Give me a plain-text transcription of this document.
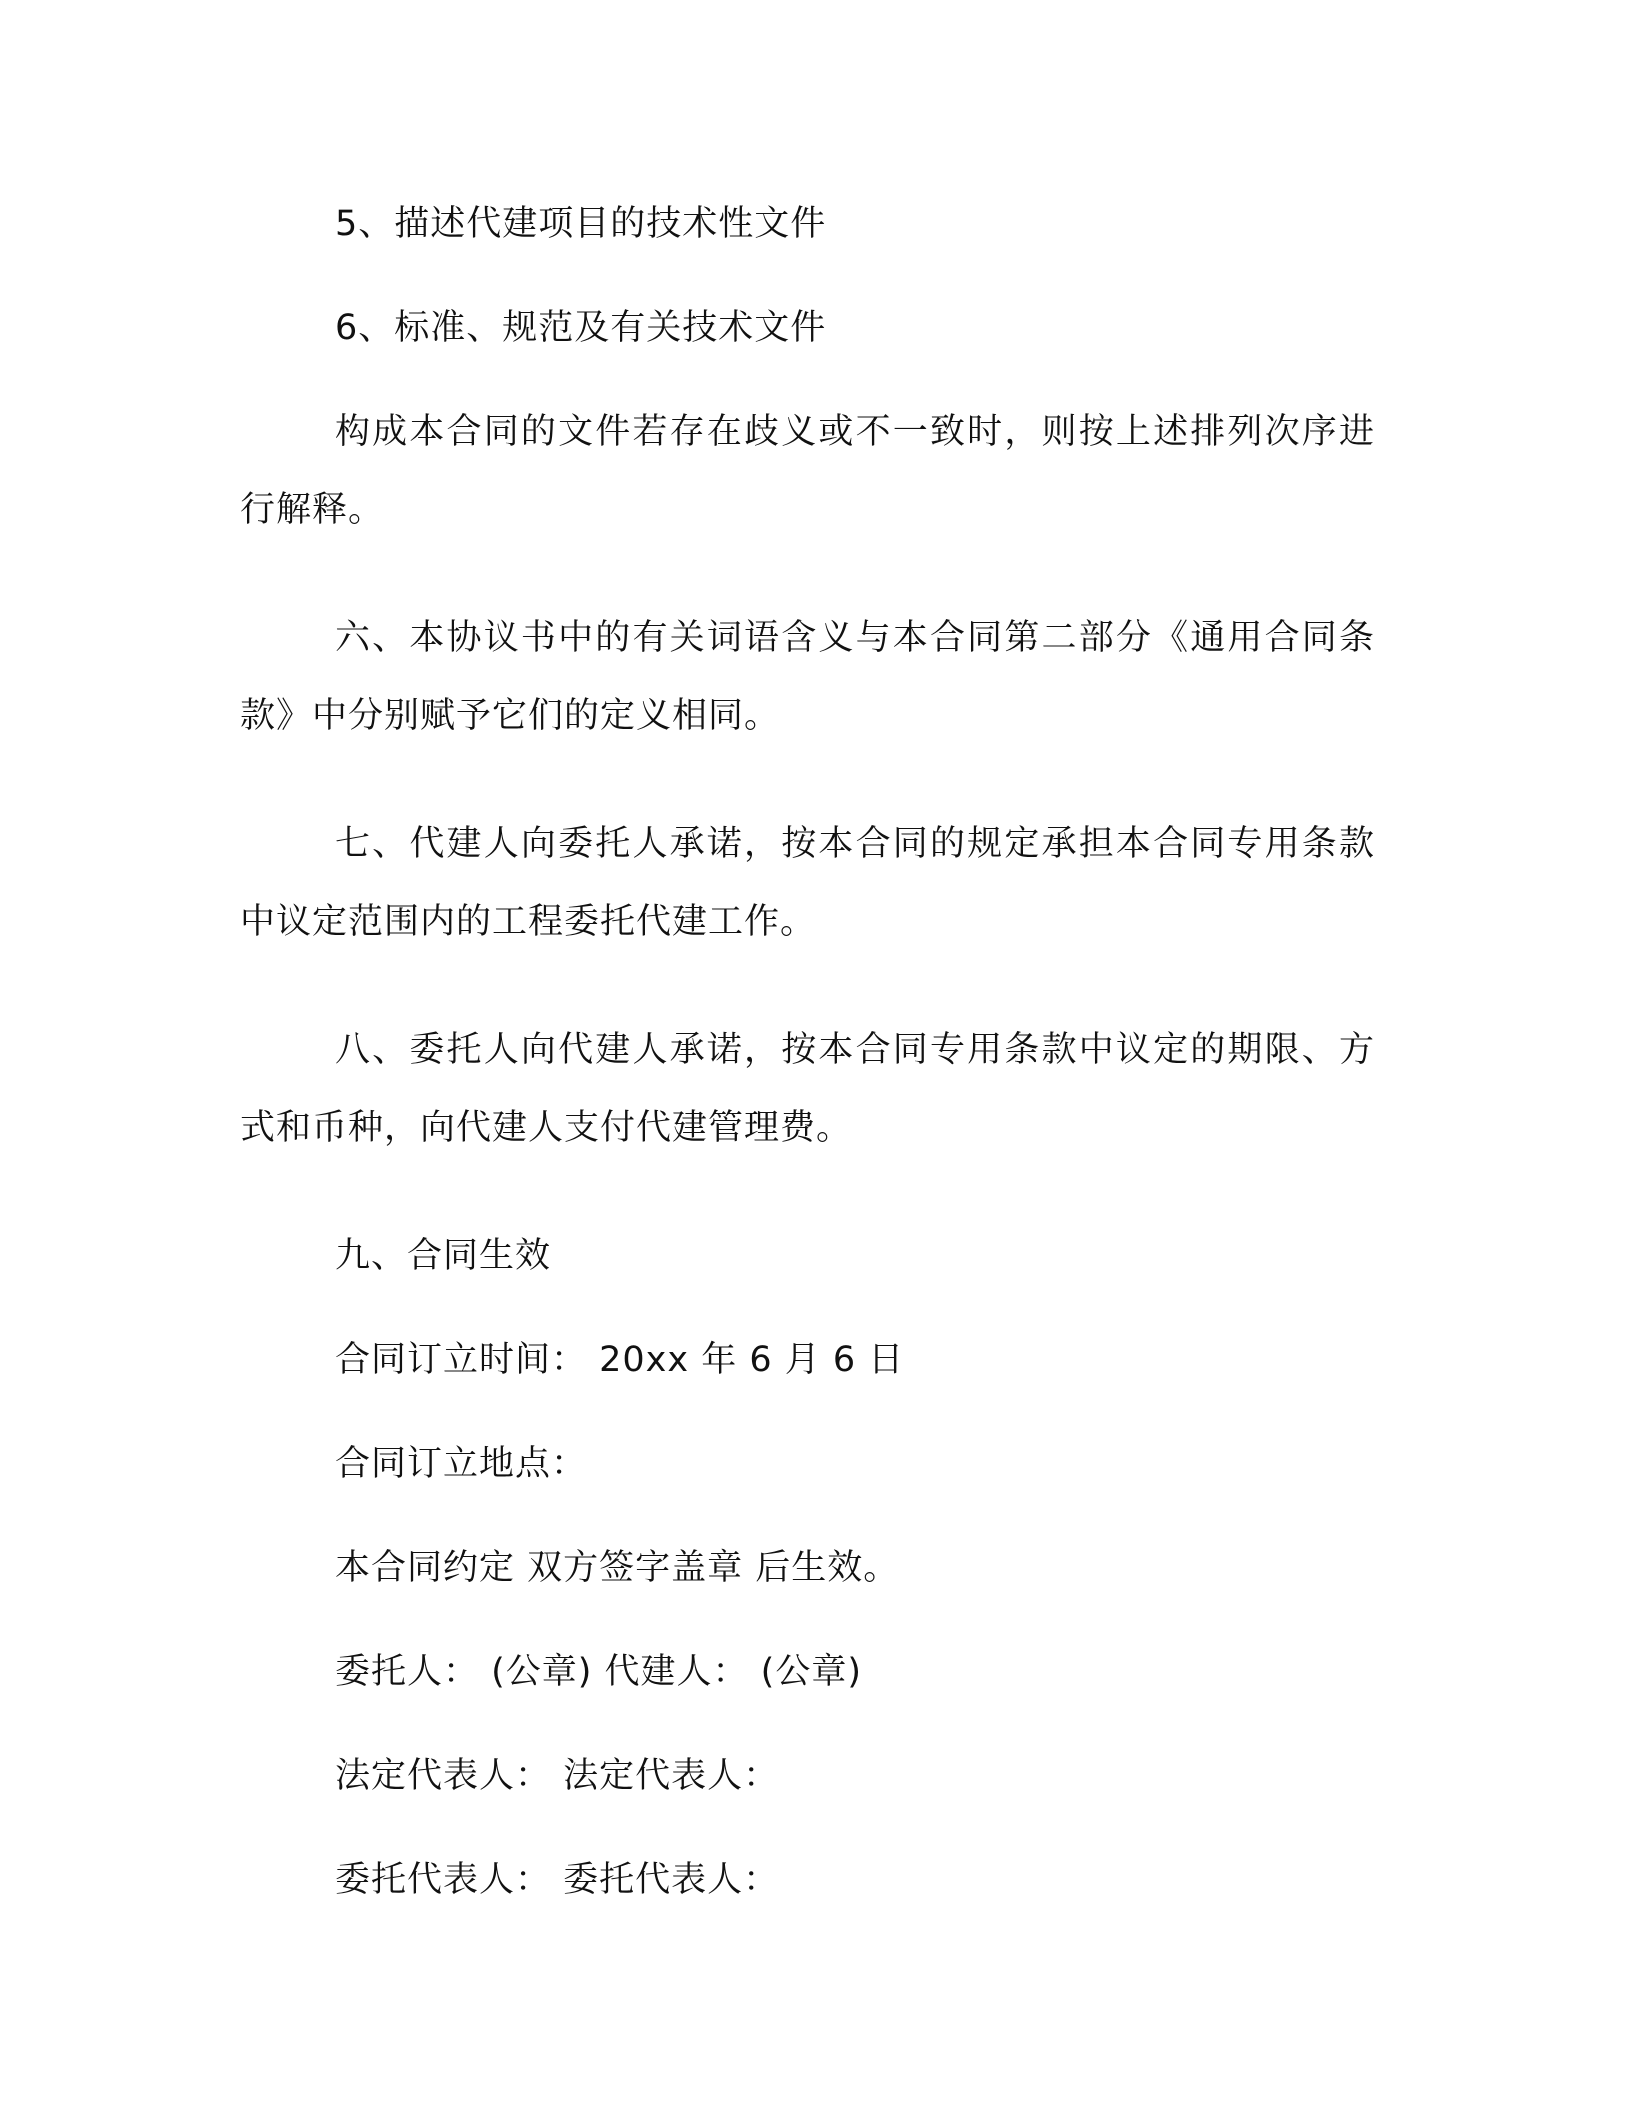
5、描述代建项目的技术性文件

6、标准、规范及有关技术文件

构成本合同的文件若存在歧义或不一致时，则按上述排列次序进行解释。

六、本协议书中的有关词语含义与本合同第二部分《通用合同条款》中分别赋予它们的定义相同。

七、代建人向委托人承诺，按本合同的规定承担本合同专用条款中议定范围内的工程委托代建工作。

八、委托人向代建人承诺，按本合同专用条款中议定的期限、方式和币种，向代建人支付代建管理费。

九、合同生效

合同订立时间： 20xx 年 6 月 6 日

合同订立地点：

本合同约定 双方签字盖章 后生效。

委托人： (公章) 代建人： (公章)

法定代表人： 法定代表人：

委托代表人： 委托代表人：
